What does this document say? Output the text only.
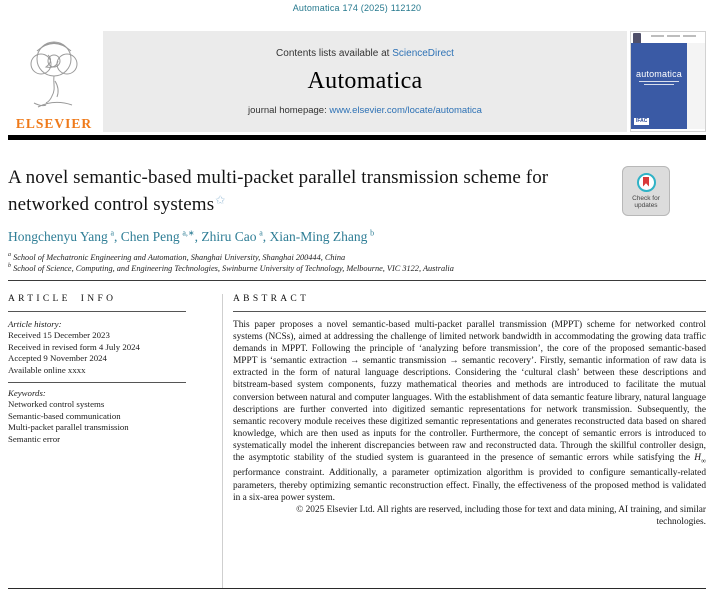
Automatica 174 (2025) 112120
ELSEVIER
Contents lists available at ScienceDirect
Automatica
journal homepage: www.elsevier.com/locate/automatica
automatica
IFAC
A novel semantic-based multi-packet parallel transmission scheme for networked control systems✩	Check for
updates
Hongchenyu Yang  $^a$ , Chen Peng  $^{a,∗}$ , Zhiru Cao  $^a$ , Xian-Ming Zhang  $^b$
$^a$ School of Mechatronic Engineering and Automation, Shanghai University, Shanghai 200444, China
$^b$ School of Science, Computing, and Engineering Technologies, Swinburne University of Technology, Melbourne, VIC 3122, Australia
ARTICLE INFO
Article history:
Received 15 December 2023
Received in revised form 4 July 2024
Accepted 9 November 2024
Available online xxxx
Keywords:
Networked control systems
Semantic-based communication
Multi-packet parallel transmission
Semantic error
ABSTRACT
This paper proposes a novel semantic-based multi-packet parallel transmission (MPPT) scheme for networked control systems (NCSs), aimed at addressing the challenge of limited network bandwidth in accommodating the growing data traffic demands in MPPT. Following the principle of ‘analyzing before transmission’, the core of the proposed semantic-based MPPT is ‘semantic extraction → semantic transmission → semantic recovery’. Firstly, semantic information of raw data is extracted in the form of natural language descriptions. Considering the ‘cultural clash’ between these descriptions and bitstream-based system components, fuzzy mathematical theories and methods are introduced to facilitate the mutual conversion between natural and computer languages. With the establishment of data semantic feature library, natural language descriptions are further converted into digitized semantic representations for network transmission. Subsequently, the semantic recovery module receives these digitized semantic representations and generates reconstructed data based on shared knowledge, which are then used as inputs for the controller. Furthermore, the concept of semantic errors is introduced to systematically model the inherent discrepancies between raw and reconstructed data. Through the skillful controller design, the asymptotic stability of the studied system is guaranteed in the presence of semantic errors while satisfying the $H_\infty$ performance constraint. Additionally, a parameter optimization algorithm is provided to configure semantically-related parameters, thereby optimizing semantic reconstruction effect. Finally, the effectiveness of the proposed method is validated in a six-area power system.
© 2025 Elsevier Ltd. All rights are reserved, including those for text and data mining, AI training, and similar technologies.
